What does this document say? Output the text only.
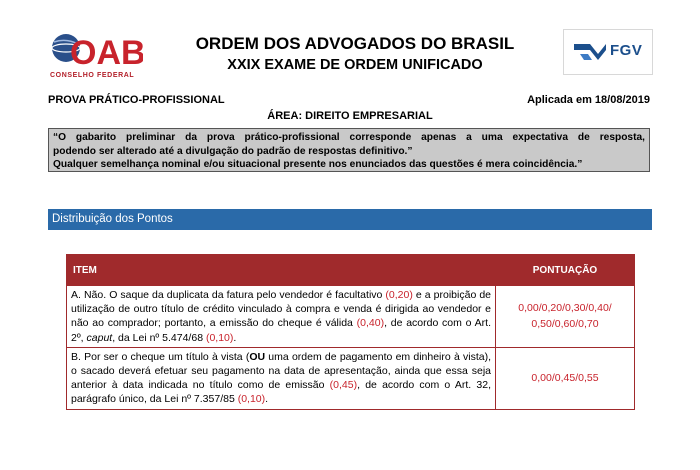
OAB
CONSELHO FEDERAL
ORDEM DOS ADVOGADOS DO BRASIL
XXIX EXAME DE ORDEM UNIFICADO
FGV
PROVA PRÁTICO-PROFISSIONAL	Aplicada em 18/08/2019
ÁREA: DIREITO EMPRESARIAL
“O gabarito preliminar da prova prático-profissional corresponde apenas a uma expectativa de resposta,
podendo ser alterado até a divulgação do padrão de respostas definitivo.”
Qualquer semelhança nominal e/ou situacional presente nos enunciados das questões é mera coincidência.”
Distribuição dos Pontos
ITEM	PONTUAÇÃO
A. Não. O saque da duplicata da fatura pelo vendedor é facultativo (0,20) e a proibição de utilização de outro título de crédito vinculado à compra e venda é dirigida ao vendedor e não ao comprador; portanto, a emissão do cheque é válida (0,40), de acordo com o Art. 2º, caput, da Lei nº 5.474/68 (0,10).	0,00/0,20/0,30/0,40/
0,50/0,60/0,70
B. Por ser o cheque um título à vista (OU uma ordem de pagamento em dinheiro à vista), o sacado deverá efetuar seu pagamento na data de apresentação, ainda que essa seja anterior à data indicada no título como de emissão (0,45), de acordo com o Art. 32, parágrafo único, da Lei nº 7.357/85 (0,10).	0,00/0,45/0,55
